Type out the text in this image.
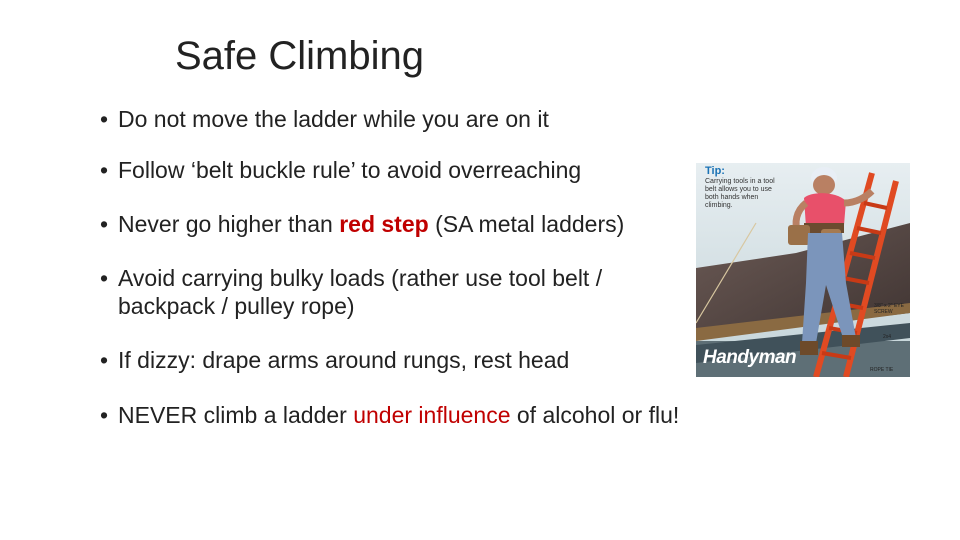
Safe Climbing
• Do not move the ladder while you are on it
• Follow ‘belt buckle rule’ to avoid overreaching
• Never go higher than red step (SA metal ladders)
• Avoid carrying bulky loads (rather use tool belt / backpack / pulley rope)
• If dizzy: drape arms around rungs, rest head
• NEVER climb a ladder under influence of alcohol or flu!
Tip:
Carrying tools in a tool belt allows you to use both hands when climbing.
Handyman
3/8" x 2" EYE SCREW
2x4
ROPE TIE
